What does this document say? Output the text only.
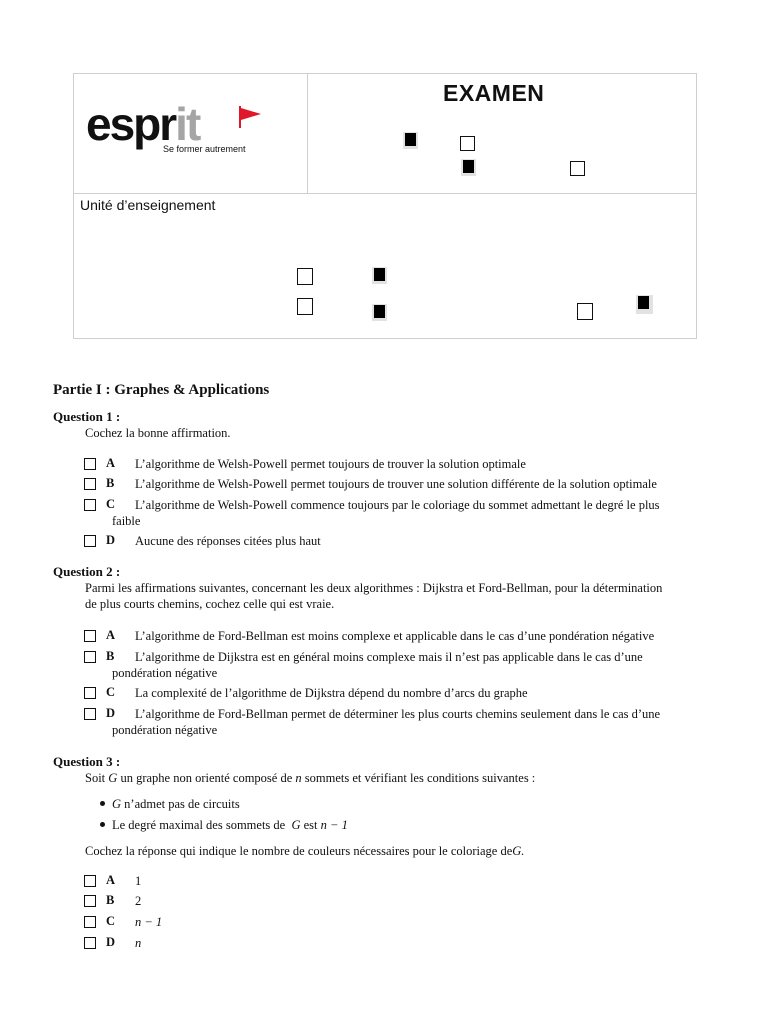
esprit
Se former autrement
EXAMEN
Unité d’enseignement
Partie I : Graphes & Applications
Question 1 :
Cochez la bonne affirmation.
A L’algorithme de Welsh-Powell permet toujours de trouver la solution optimale
B L’algorithme de Welsh-Powell permet toujours de trouver une solution différente de la solution optimale
C L’algorithme de Welsh-Powell commence toujours par le coloriage du sommet admettant le degré le plus
faible
D Aucune des réponses citées plus haut
Question 2 :
Parmi les affirmations suivantes, concernant les deux algorithmes : Dijkstra et Ford-Bellman, pour la détermination
de plus courts chemins, cochez celle qui est vraie.
A L’algorithme de Ford-Bellman est moins complexe et applicable dans le cas d’une pondération négative
B L’algorithme de Dijkstra est en général moins complexe mais il n’est pas applicable dans le cas d’une
pondération négative
C La complexité de l’algorithme de Dijkstra dépend du nombre d’arcs du graphe
D L’algorithme de Ford-Bellman permet de déterminer les plus courts chemins seulement dans le cas d’une
pondération négative
Question 3 :
Soit G un graphe non orienté composé de n sommets et vérifiant les conditions suivantes :
G n’admet pas de circuits
Le degré maximal des sommets de G est n − 1
Cochez la réponse qui indique le nombre de couleurs nécessaires pour le coloriage deG.
A 1
B 2
C n − 1
D n
